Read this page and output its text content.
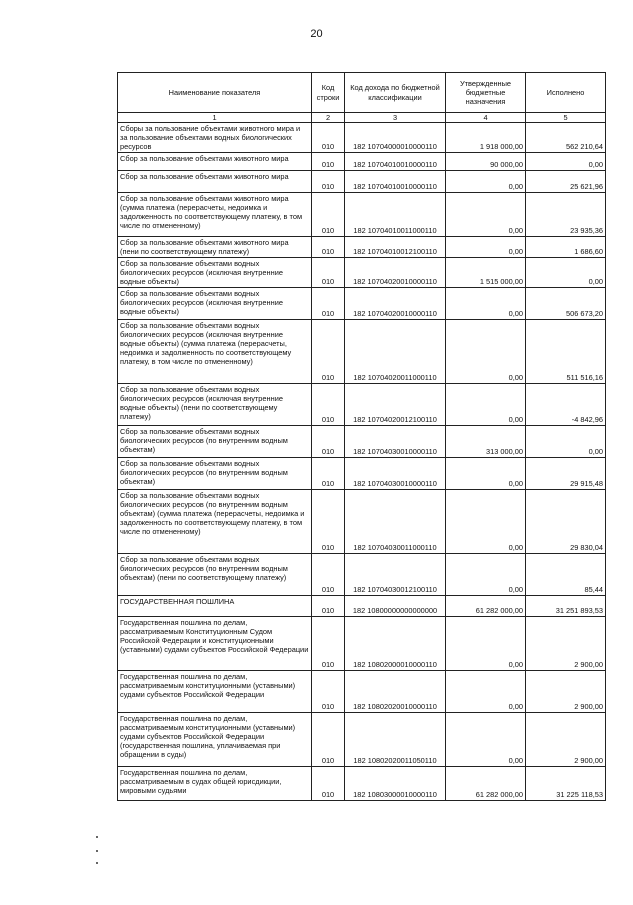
20
Наименование показателя	Код строки	Код дохода по бюджетной классификации	Утвержденные бюджетные назначения	Исполнено
1	2	3	4	5
Сборы за пользование объектами животного мира и за пользование объектами водных биологических ресурсов	010	182 10704000010000110	1 918 000,00	562 210,64
Сбор за пользование объектами животного мира	010	182 10704010010000110	90 000,00	0,00
Сбор за пользование объектами животного мира	010	182 10704010010000110	0,00	25 621,96
Сбор за пользование объектами животного мира (сумма платежа (перерасчеты, недоимка и задолженность по соответствующему платежу, в том числе по отмененному)	010	182 10704010011000110	0,00	23 935,36
Сбор за пользование объектами животного мира (пени по соответствующему платежу)	010	182 10704010012100110	0,00	1 686,60
Сбор за пользование объектами водных биологических ресурсов (исключая внутренние водные объекты)	010	182 10704020010000110	1 515 000,00	0,00
Сбор за пользование объектами водных биологических ресурсов (исключая внутренние водные объекты)	010	182 10704020010000110	0,00	506 673,20
Сбор за пользование объектами водных биологических ресурсов (исключая внутренние водные объекты) (сумма платежа (перерасчеты, недоимка и задолженность по соответствующему платежу, в том числе по отмененному)	010	182 10704020011000110	0,00	511 516,16
Сбор за пользование объектами водных биологических ресурсов (исключая внутренние водные объекты) (пени по соответствующему платежу)	010	182 10704020012100110	0,00	-4 842,96
Сбор за пользование объектами водных биологических ресурсов (по внутренним водным объектам)	010	182 10704030010000110	313 000,00	0,00
Сбор за пользование объектами водных биологических ресурсов (по внутренним водным объектам)	010	182 10704030010000110	0,00	29 915,48
Сбор за пользование объектами водных биологических ресурсов (по внутренним водным объектам) (сумма платежа (перерасчеты, недоимка и задолженность по соответствующему платежу, в том числе по отмененному)	010	182 10704030011000110	0,00	29 830,04
Сбор за пользование объектами водных биологических ресурсов (по внутренним водным объектам) (пени по соответствующему платежу)	010	182 10704030012100110	0,00	85,44
ГОСУДАРСТВЕННАЯ ПОШЛИНА	010	182 10800000000000000	61 282 000,00	31 251 893,53
Государственная пошлина по делам, рассматриваемым Конституционным Судом Российской Федерации и конституционными (уставными) судами субъектов Российской Федерации	010	182 10802000010000110	0,00	2 900,00
Государственная пошлина по делам, рассматриваемым конституционными (уставными) судами субъектов Российской Федерации	010	182 10802020010000110	0,00	2 900,00
Государственная пошлина по делам, рассматриваемым конституционными (уставными) судами субъектов Российской Федерации (государственная пошлина, уплачиваемая при обращении в суды)	010	182 10802020011050110	0,00	2 900,00
Государственная пошлина по делам, рассматриваемым в судах общей юрисдикции, мировыми судьями	010	182 10803000010000110	61 282 000,00	31 225 118,53
